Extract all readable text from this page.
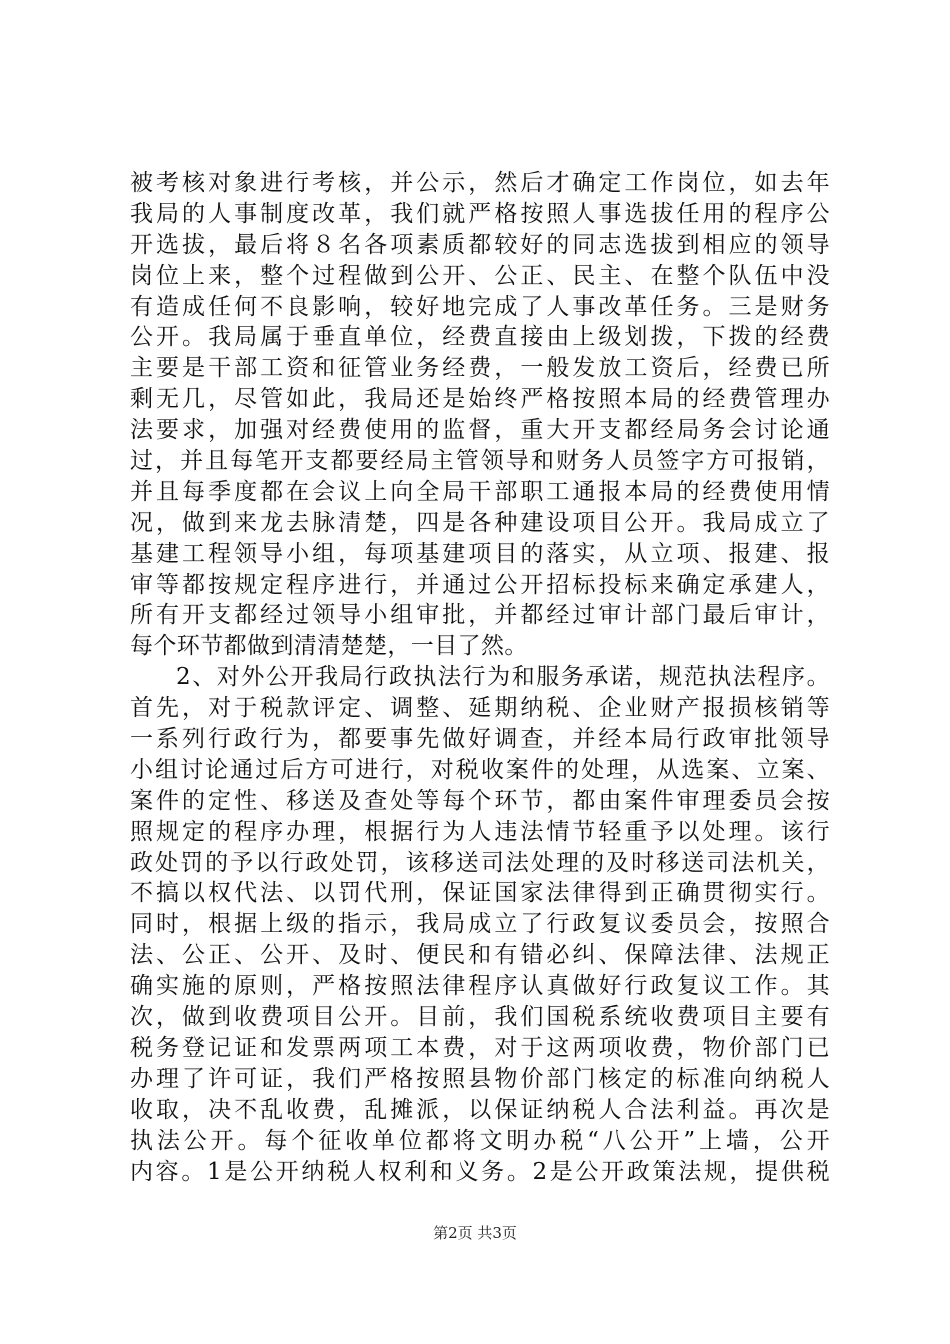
被考核对象进行考核，并公示，然后才确定工作岗位，如去年
我局的人事制度改革，我们就严格按照人事选拔任用的程序公
开选拔，最后将８名各项素质都较好的同志选拔到相应的领导
岗位上来，整个过程做到公开、公正、民主、在整个队伍中没
有造成任何不良影响，较好地完成了人事改革任务。三是财务
公开。我局属于垂直单位，经费直接由上级划拨，下拨的经费
主要是干部工资和征管业务经费，一般发放工资后，经费已所
剩无几，尽管如此，我局还是始终严格按照本局的经费管理办
法要求，加强对经费使用的监督，重大开支都经局务会讨论通
过，并且每笔开支都要经局主管领导和财务人员签字方可报销，
并且每季度都在会议上向全局干部职工通报本局的经费使用情
况，做到来龙去脉清楚，四是各种建设项目公开。我局成立了
基建工程领导小组，每项基建项目的落实，从立项、报建、报
审等都按规定程序进行，并通过公开招标投标来确定承建人，
所有开支都经过领导小组审批，并都经过审计部门最后审计，
每个环节都做到清清楚楚，一目了然。
2、对外公开我局行政执法行为和服务承诺，规范执法程序。
首先，对于税款评定、调整、延期纳税、企业财产报损核销等
一系列行政行为，都要事先做好调查，并经本局行政审批领导
小组讨论通过后方可进行，对税收案件的处理，从选案、立案、
案件的定性、移送及查处等每个环节，都由案件审理委员会按
照规定的程序办理，根据行为人违法情节轻重予以处理。该行
政处罚的予以行政处罚，该移送司法处理的及时移送司法机关，
不搞以权代法、以罚代刑，保证国家法律得到正确贯彻实行。
同时，根据上级的指示，我局成立了行政复议委员会，按照合
法、公正、公开、及时、便民和有错必纠、保障法律、法规正
确实施的原则，严格按照法律程序认真做好行政复议工作。其
次，做到收费项目公开。目前，我们国税系统收费项目主要有
税务登记证和发票两项工本费，对于这两项收费，物价部门已
办理了许可证，我们严格按照县物价部门核定的标准向纳税人
收取，决不乱收费，乱摊派，以保证纳税人合法利益。再次是
执法公开。每个征收单位都将文明办税“八公开”上墙，公开
内容。1是公开纳税人权利和义务。2是公开政策法规，提供税
第2页 共3页
